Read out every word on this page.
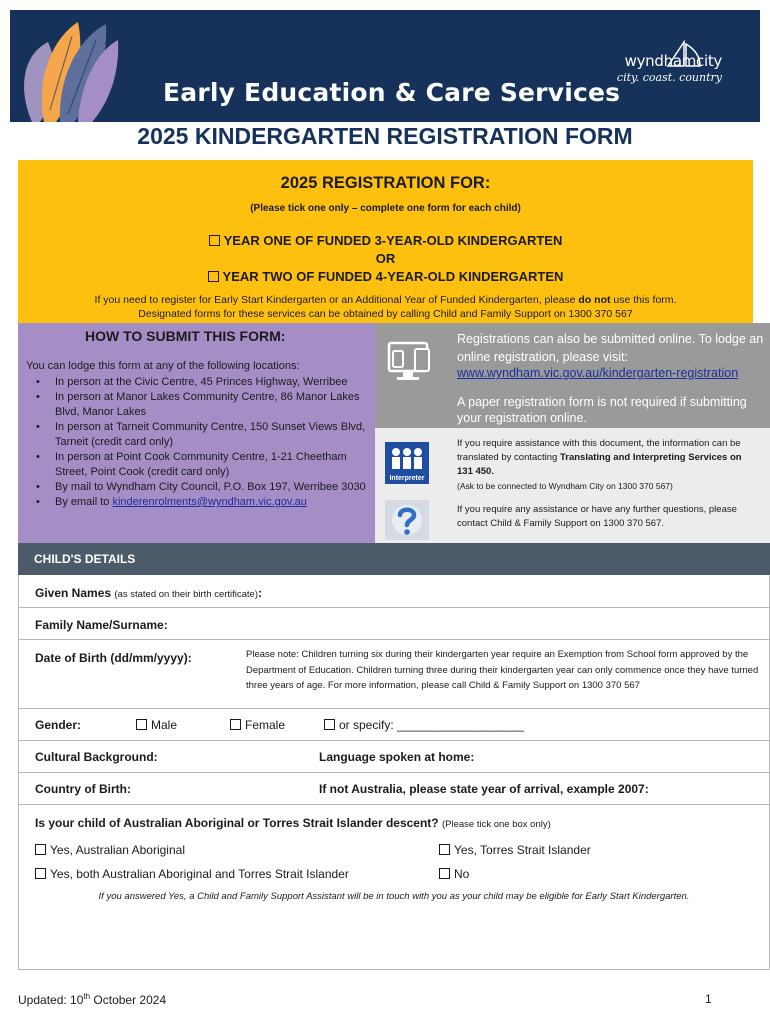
Early Education & Care Services
wyndhamcity
city. coast. country
2025 KINDERGARTEN REGISTRATION FORM
2025 REGISTRATION FOR:
(Please tick one only – complete one form for each child)
YEAR ONE OF FUNDED 3-YEAR-OLD KINDERGARTEN
OR
YEAR TWO OF FUNDED 4-YEAR-OLD KINDERGARTEN
If you need to register for Early Start Kindergarten or an Additional Year of Funded Kindergarten, please do not use this form.
Designated forms for these services can be obtained by calling Child and Family Support on 1300 370 567
HOW TO SUBMIT THIS FORM:
You can lodge this form at any of the following locations:
• In person at the Civic Centre, 45 Princes Highway, Werribee
• In person at Manor Lakes Community Centre, 86 Manor Lakes Blvd, Manor Lakes
• In person at Tarneit Community Centre, 150 Sunset Views Blvd, Tarneit (credit card only)
• In person at Point Cook Community Centre, 1-21 Cheetham Street, Point Cook (credit card only)
• By mail to Wyndham City Council, P.O. Box 197, Werribee 3030
• By email to kinderenrolments@wyndham.vic.gov.au
Registrations can also be submitted online. To lodge an online registration, please visit:
www.wyndham.vic.gov.au/kindergarten-registration
A paper registration form is not required if submitting your registration online.
Interpreter
If you require assistance with this document, the information can be translated by contacting Translating and Interpreting Services on 131 450.
(Ask to be connected to Wyndham City on 1300 370 567)
If you require any assistance or have any further questions, please contact Child & Family Support on 1300 370 567.
CHILD'S DETAILS
Given Names (as stated on their birth certificate):
Family Name/Surname:
Date of Birth (dd/mm/yyyy):	Please note: Children turning six during their kindergarten year require an Exemption from School form approved by the Department of Education. Children turning three during their kindergarten year can only commence once they have turned three years of age. For more information, please call Child & Family Support on 1300 370 567
Gender:	Male	Female	or specify: ___________________
Cultural Background:	Language spoken at home:
Country of Birth:	If not Australia, please state year of arrival, example 2007:
Is your child of Australian Aboriginal or Torres Strait Islander descent? (Please tick one box only)
Yes, Australian Aboriginal	Yes, Torres Strait Islander
Yes, both Australian Aboriginal and Torres Strait Islander	No
If you answered Yes, a Child and Family Support Assistant will be in touch with you as your child may be eligible for Early Start Kindergarten.
Updated: 10th October 2024	1
